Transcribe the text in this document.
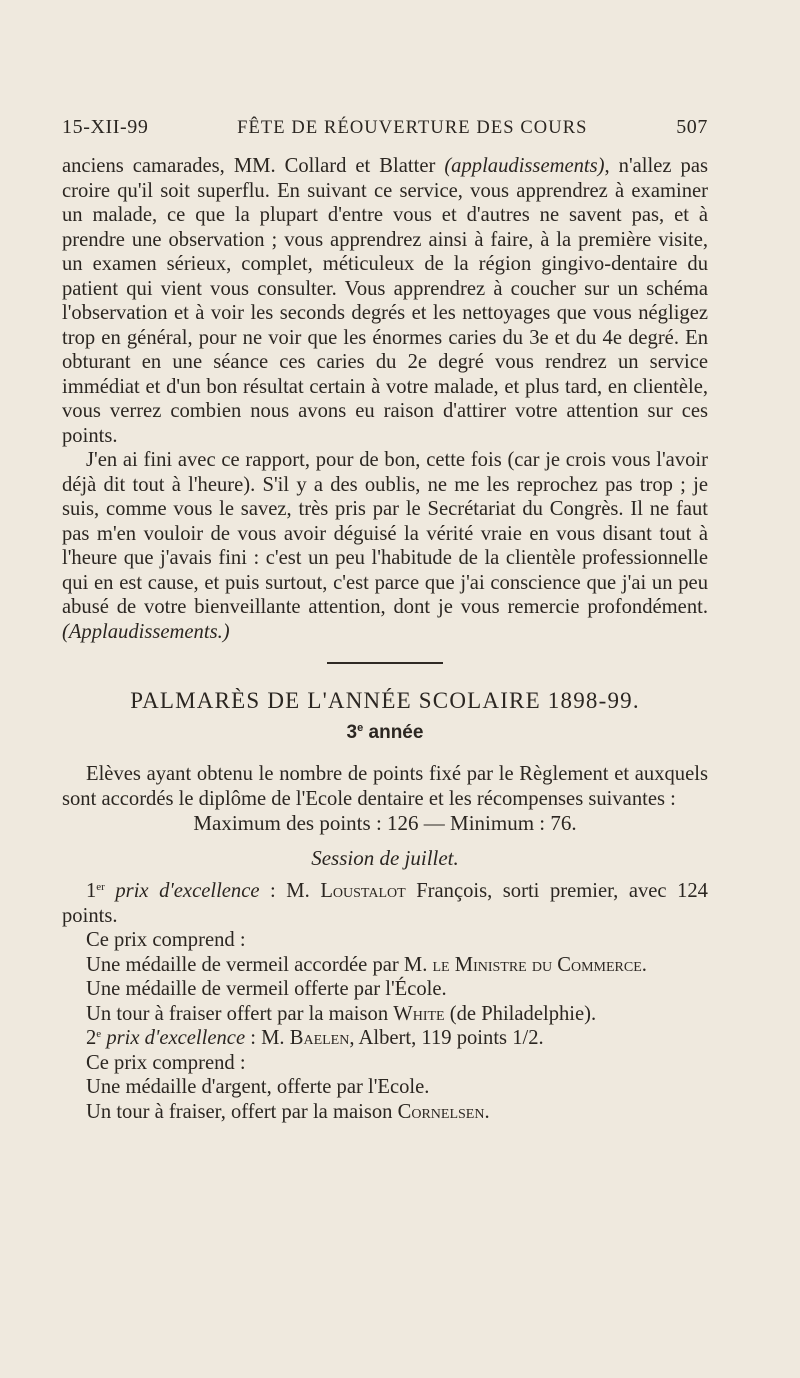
15-XII-99	FÊTE DE RÉOUVERTURE DES COURS	507

anciens camarades, MM. Collard et Blatter (applaudissements), n'allez pas croire qu'il soit superflu. En suivant ce service, vous apprendrez à examiner un malade, ce que la plupart d'entre vous et d'autres ne savent pas, et à prendre une observation ; vous apprendrez ainsi à faire, à la première visite, un examen sérieux, complet, méticuleux de la région gingivo-dentaire du patient qui vient vous consulter. Vous apprendrez à coucher sur un schéma l'observation et à voir les seconds degrés et les nettoyages que vous négligez trop en général, pour ne voir que les énormes caries du 3e et du 4e degré. En obturant en une séance ces caries du 2e degré vous rendrez un service immédiat et d'un bon résultat certain à votre malade, et plus tard, en clientèle, vous verrez combien nous avons eu raison d'attirer votre attention sur ces points.

J'en ai fini avec ce rapport, pour de bon, cette fois (car je crois vous l'avoir déjà dit tout à l'heure). S'il y a des oublis, ne me les reprochez pas trop ; je suis, comme vous le savez, très pris par le Secrétariat du Congrès. Il ne faut pas m'en vouloir de vous avoir déguisé la vérité vraie en vous disant tout à l'heure que j'avais fini : c'est un peu l'habitude de la clientèle professionnelle qui en est cause, et puis surtout, c'est parce que j'ai conscience que j'ai un peu abusé de votre bienveillante attention, dont je vous remercie profondément. (Applaudissements.)

PALMARÈS DE L'ANNÉE SCOLAIRE 1898-99.
3e année

Elèves ayant obtenu le nombre de points fixé par le Règlement et auxquels sont accordés le diplôme de l'Ecole dentaire et les récompenses suivantes :

Maximum des points : 126 — Minimum : 76.
Session de juillet.

1er prix d'excellence : M. Loustalot François, sorti premier, avec 124 points.

Ce prix comprend :

Une médaille de vermeil accordée par M. le Ministre du Commerce.

Une médaille de vermeil offerte par l'École.
Un tour à fraiser offert par la maison White (de Philadelphie).

2e prix d'excellence : M. Baelen, Albert, 119 points 1/2.

Ce prix comprend :
Une médaille d'argent, offerte par l'Ecole.
Un tour à fraiser, offert par la maison Cornelsen.
